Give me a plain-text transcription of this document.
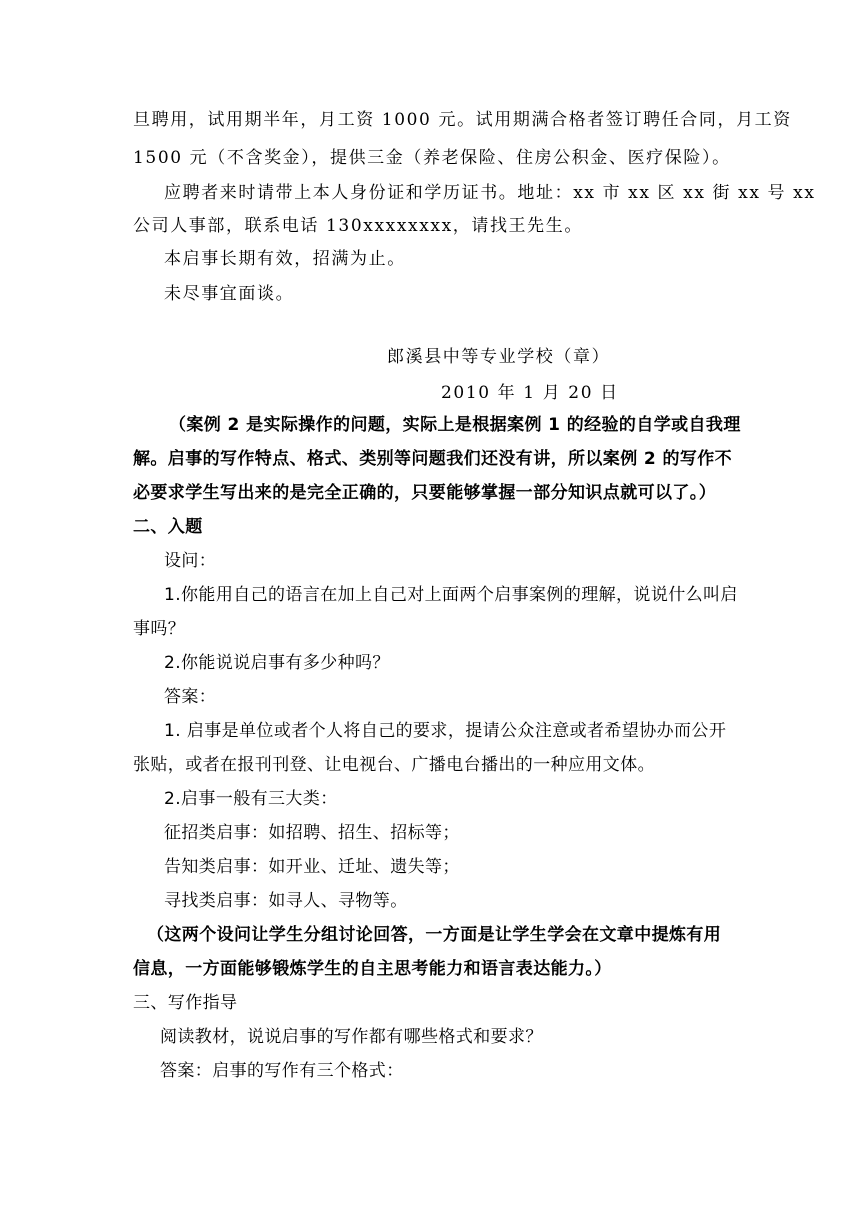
旦聘用，试用期半年，月工资 1000 元。试用期满合格者签订聘任合同，月工资
1500 元（不含奖金），提供三金（养老保险、住房公积金、医疗保险）。
应聘者来时请带上本人身份证和学历证书。地址：xx 市 xx 区 xx 街 xx 号 xx
公司人事部，联系电话 130xxxxxxxx，请找王先生。
本启事长期有效，招满为止。
未尽事宜面谈。
郎溪县中等专业学校（章）
2010 年 1 月 20 日
（案例 2 是实际操作的问题，实际上是根据案例 1 的经验的自学或自我理
解。启事的写作特点、格式、类别等问题我们还没有讲，所以案例 2 的写作不
必要求学生写出来的是完全正确的，只要能够掌握一部分知识点就可以了。）
二、入题
设问：
1.你能用自己的语言在加上自己对上面两个启事案例的理解，说说什么叫启
事吗？
2.你能说说启事有多少种吗？
答案：
1. 启事是单位或者个人将自己的要求，提请公众注意或者希望协办而公开
张贴，或者在报刊刊登、让电视台、广播电台播出的一种应用文体。
2.启事一般有三大类：
征招类启事：如招聘、招生、招标等；
告知类启事：如开业、迁址、遗失等；
寻找类启事：如寻人、寻物等。
（这两个设问让学生分组讨论回答，一方面是让学生学会在文章中提炼有用
信息，一方面能够锻炼学生的自主思考能力和语言表达能力。）
三、写作指导
阅读教材，说说启事的写作都有哪些格式和要求？
答案：启事的写作有三个格式：
